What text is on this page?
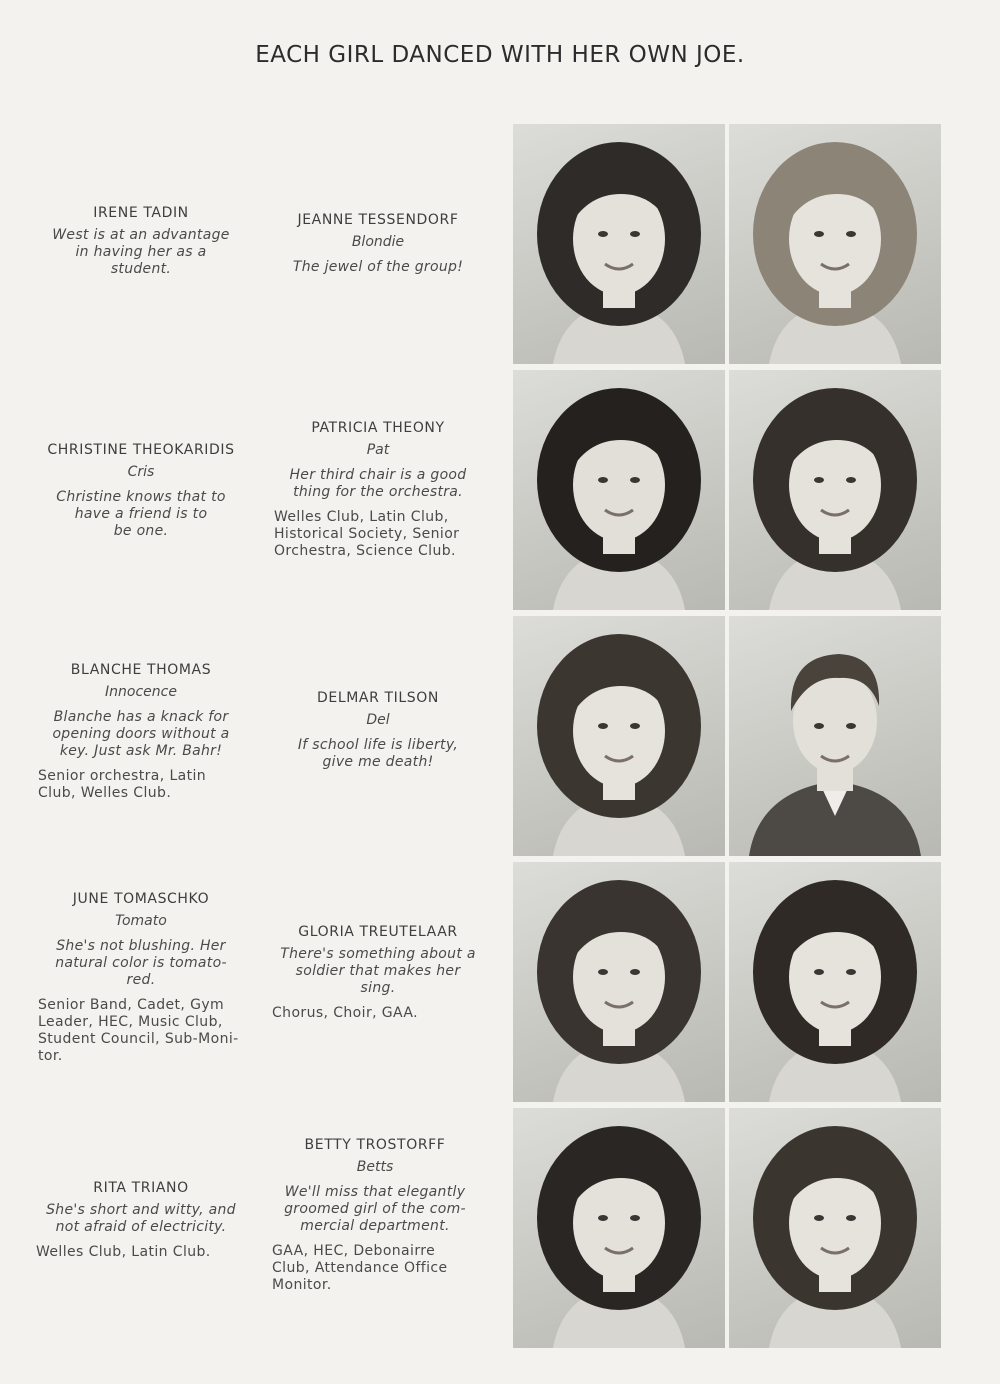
EACH GIRL DANCED WITH HER OWN JOE.
IRENE TADIN
West is at an advantage
in having her as a
student.
CHRISTINE THEOKARIDIS
Cris
Christine knows that to
have a friend is to
be one.
BLANCHE THOMAS
Innocence
Blanche has a knack for
opening doors without a
key. Just ask Mr. Bahr!
Senior orchestra, Latin
Club, Welles Club.
JUNE TOMASCHKO
Tomato
She's not blushing. Her
natural color is tomato-
red.
Senior Band, Cadet, Gym
Leader, HEC, Music Club,
Student Council, Sub-Moni-
tor.
RITA TRIANO
She's short and witty, and
not afraid of electricity.
Welles Club, Latin Club.
JEANNE TESSENDORF
Blondie
The jewel of the group!
PATRICIA THEONY
Pat
Her third chair is a good
thing for the orchestra.
Welles Club, Latin Club,
Historical Society, Senior
Orchestra, Science Club.
DELMAR TILSON
Del
If school life is liberty,
give me death!
GLORIA TREUTELAAR
There's something about a
soldier that makes her
sing.
Chorus, Choir, GAA.
BETTY TROSTORFF
Betts
We'll miss that elegantly
groomed girl of the com-
mercial department.
GAA, HEC, Debonairre
Club, Attendance Office
Monitor.
